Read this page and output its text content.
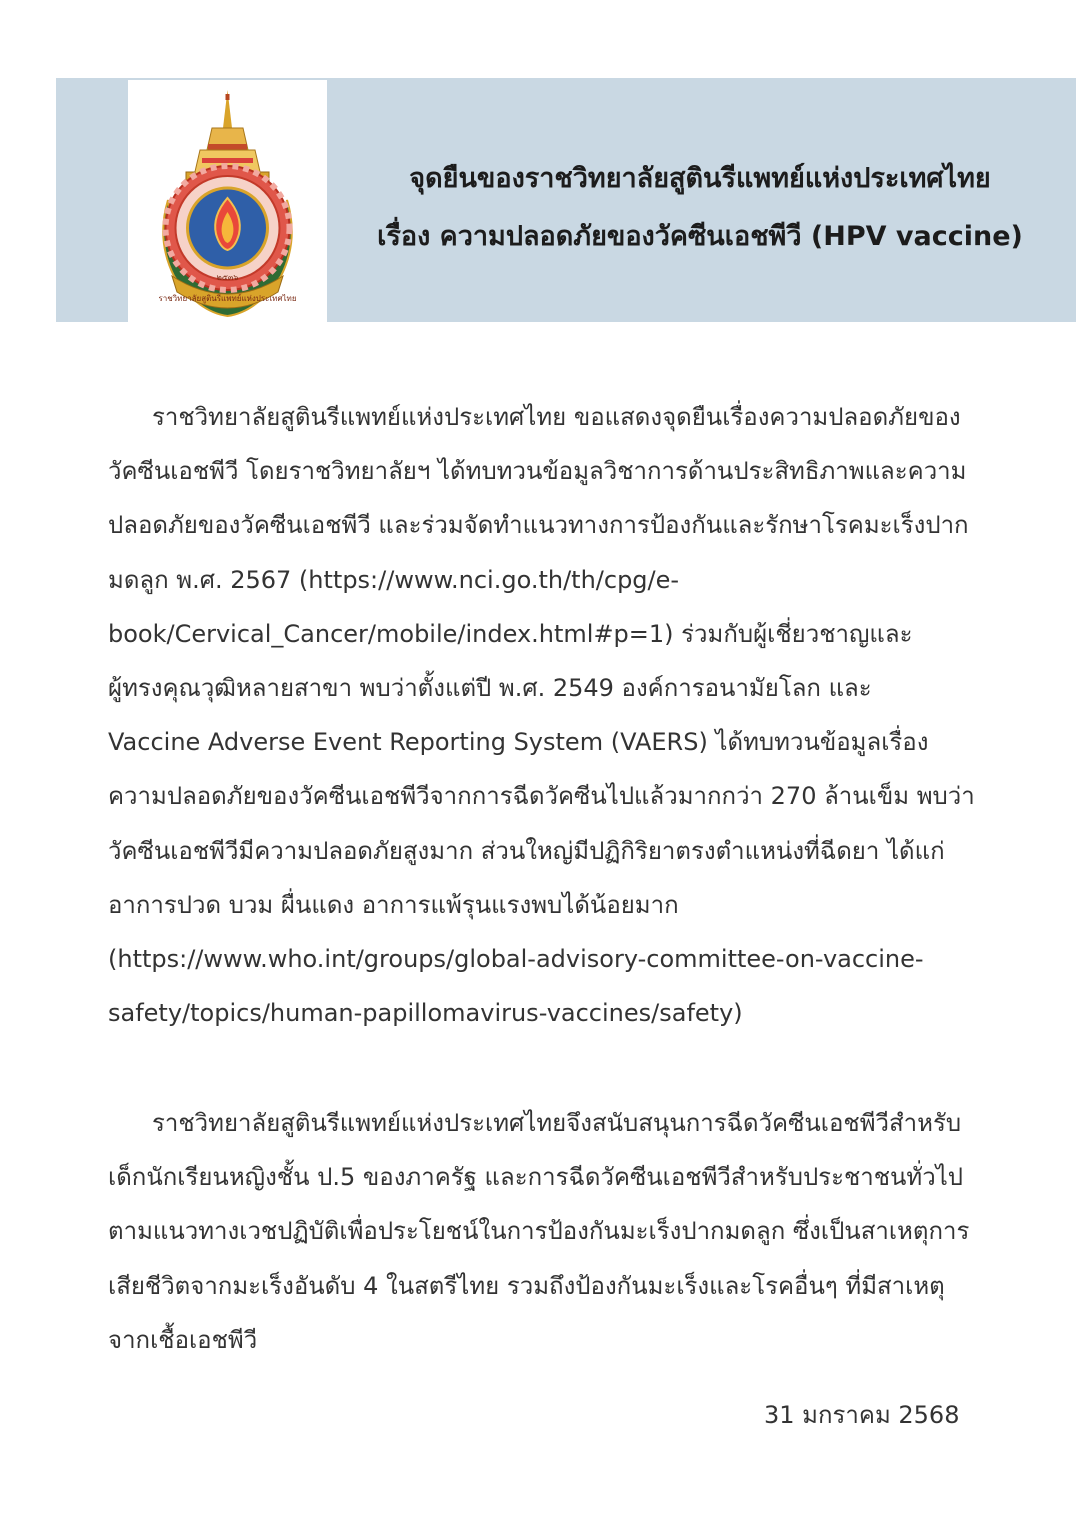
ราชวิทยาลัยสูตินรีแพทย์แห่งประเทศไทย
๒๕๓๖
จุดยืนของราชวิทยาลัยสูตินรีแพทย์แห่งประเทศไทย
เรื่อง ความปลอดภัยของวัคซีนเอชพีวี (HPV vaccine)
ราชวิทยาลัยสูตินรีแพทย์แห่งประเทศไทย ขอแสดงจุดยืนเรื่องความปลอดภัยของ
วัคซีนเอชพีวี โดยราชวิทยาลัยฯ ได้ทบทวนข้อมูลวิชาการด้านประสิทธิภาพและความ
ปลอดภัยของวัคซีนเอชพีวี และร่วมจัดทำแนวทางการป้องกันและรักษาโรคมะเร็งปาก
มดลูก พ.ศ. 2567 (https://www.nci.go.th/th/cpg/e-
book/Cervical_Cancer/mobile/index.html#p=1) ร่วมกับผู้เชี่ยวชาญและ
ผู้ทรงคุณวุฒิหลายสาขา พบว่าตั้งแต่ปี พ.ศ. 2549 องค์การอนามัยโลก และ
Vaccine Adverse Event Reporting System (VAERS) ได้ทบทวนข้อมูลเรื่อง
ความปลอดภัยของวัคซีนเอชพีวีจากการฉีดวัคซีนไปแล้วมากกว่า 270 ล้านเข็ม พบว่า
วัคซีนเอชพีวีมีความปลอดภัยสูงมาก ส่วนใหญ่มีปฏิกิริยาตรงตำแหน่งที่ฉีดยา ได้แก่
อาการปวด บวม ผื่นแดง อาการแพ้รุนแรงพบได้น้อยมาก
(https://www.who.int/groups/global-advisory-committee-on-vaccine-
safety/topics/human-papillomavirus-vaccines/safety)
ราชวิทยาลัยสูตินรีแพทย์แห่งประเทศไทยจึงสนับสนุนการฉีดวัคซีนเอชพีวีสำหรับ
เด็กนักเรียนหญิงชั้น ป.5 ของภาครัฐ และการฉีดวัคซีนเอชพีวีสำหรับประชาชนทั่วไป
ตามแนวทางเวชปฏิบัติเพื่อประโยชน์ในการป้องกันมะเร็งปากมดลูก ซึ่งเป็นสาเหตุการ
เสียชีวิตจากมะเร็งอันดับ 4 ในสตรีไทย รวมถึงป้องกันมะเร็งและโรคอื่นๆ ที่มีสาเหตุ
จากเชื้อเอชพีวี
31 มกราคม 2568
